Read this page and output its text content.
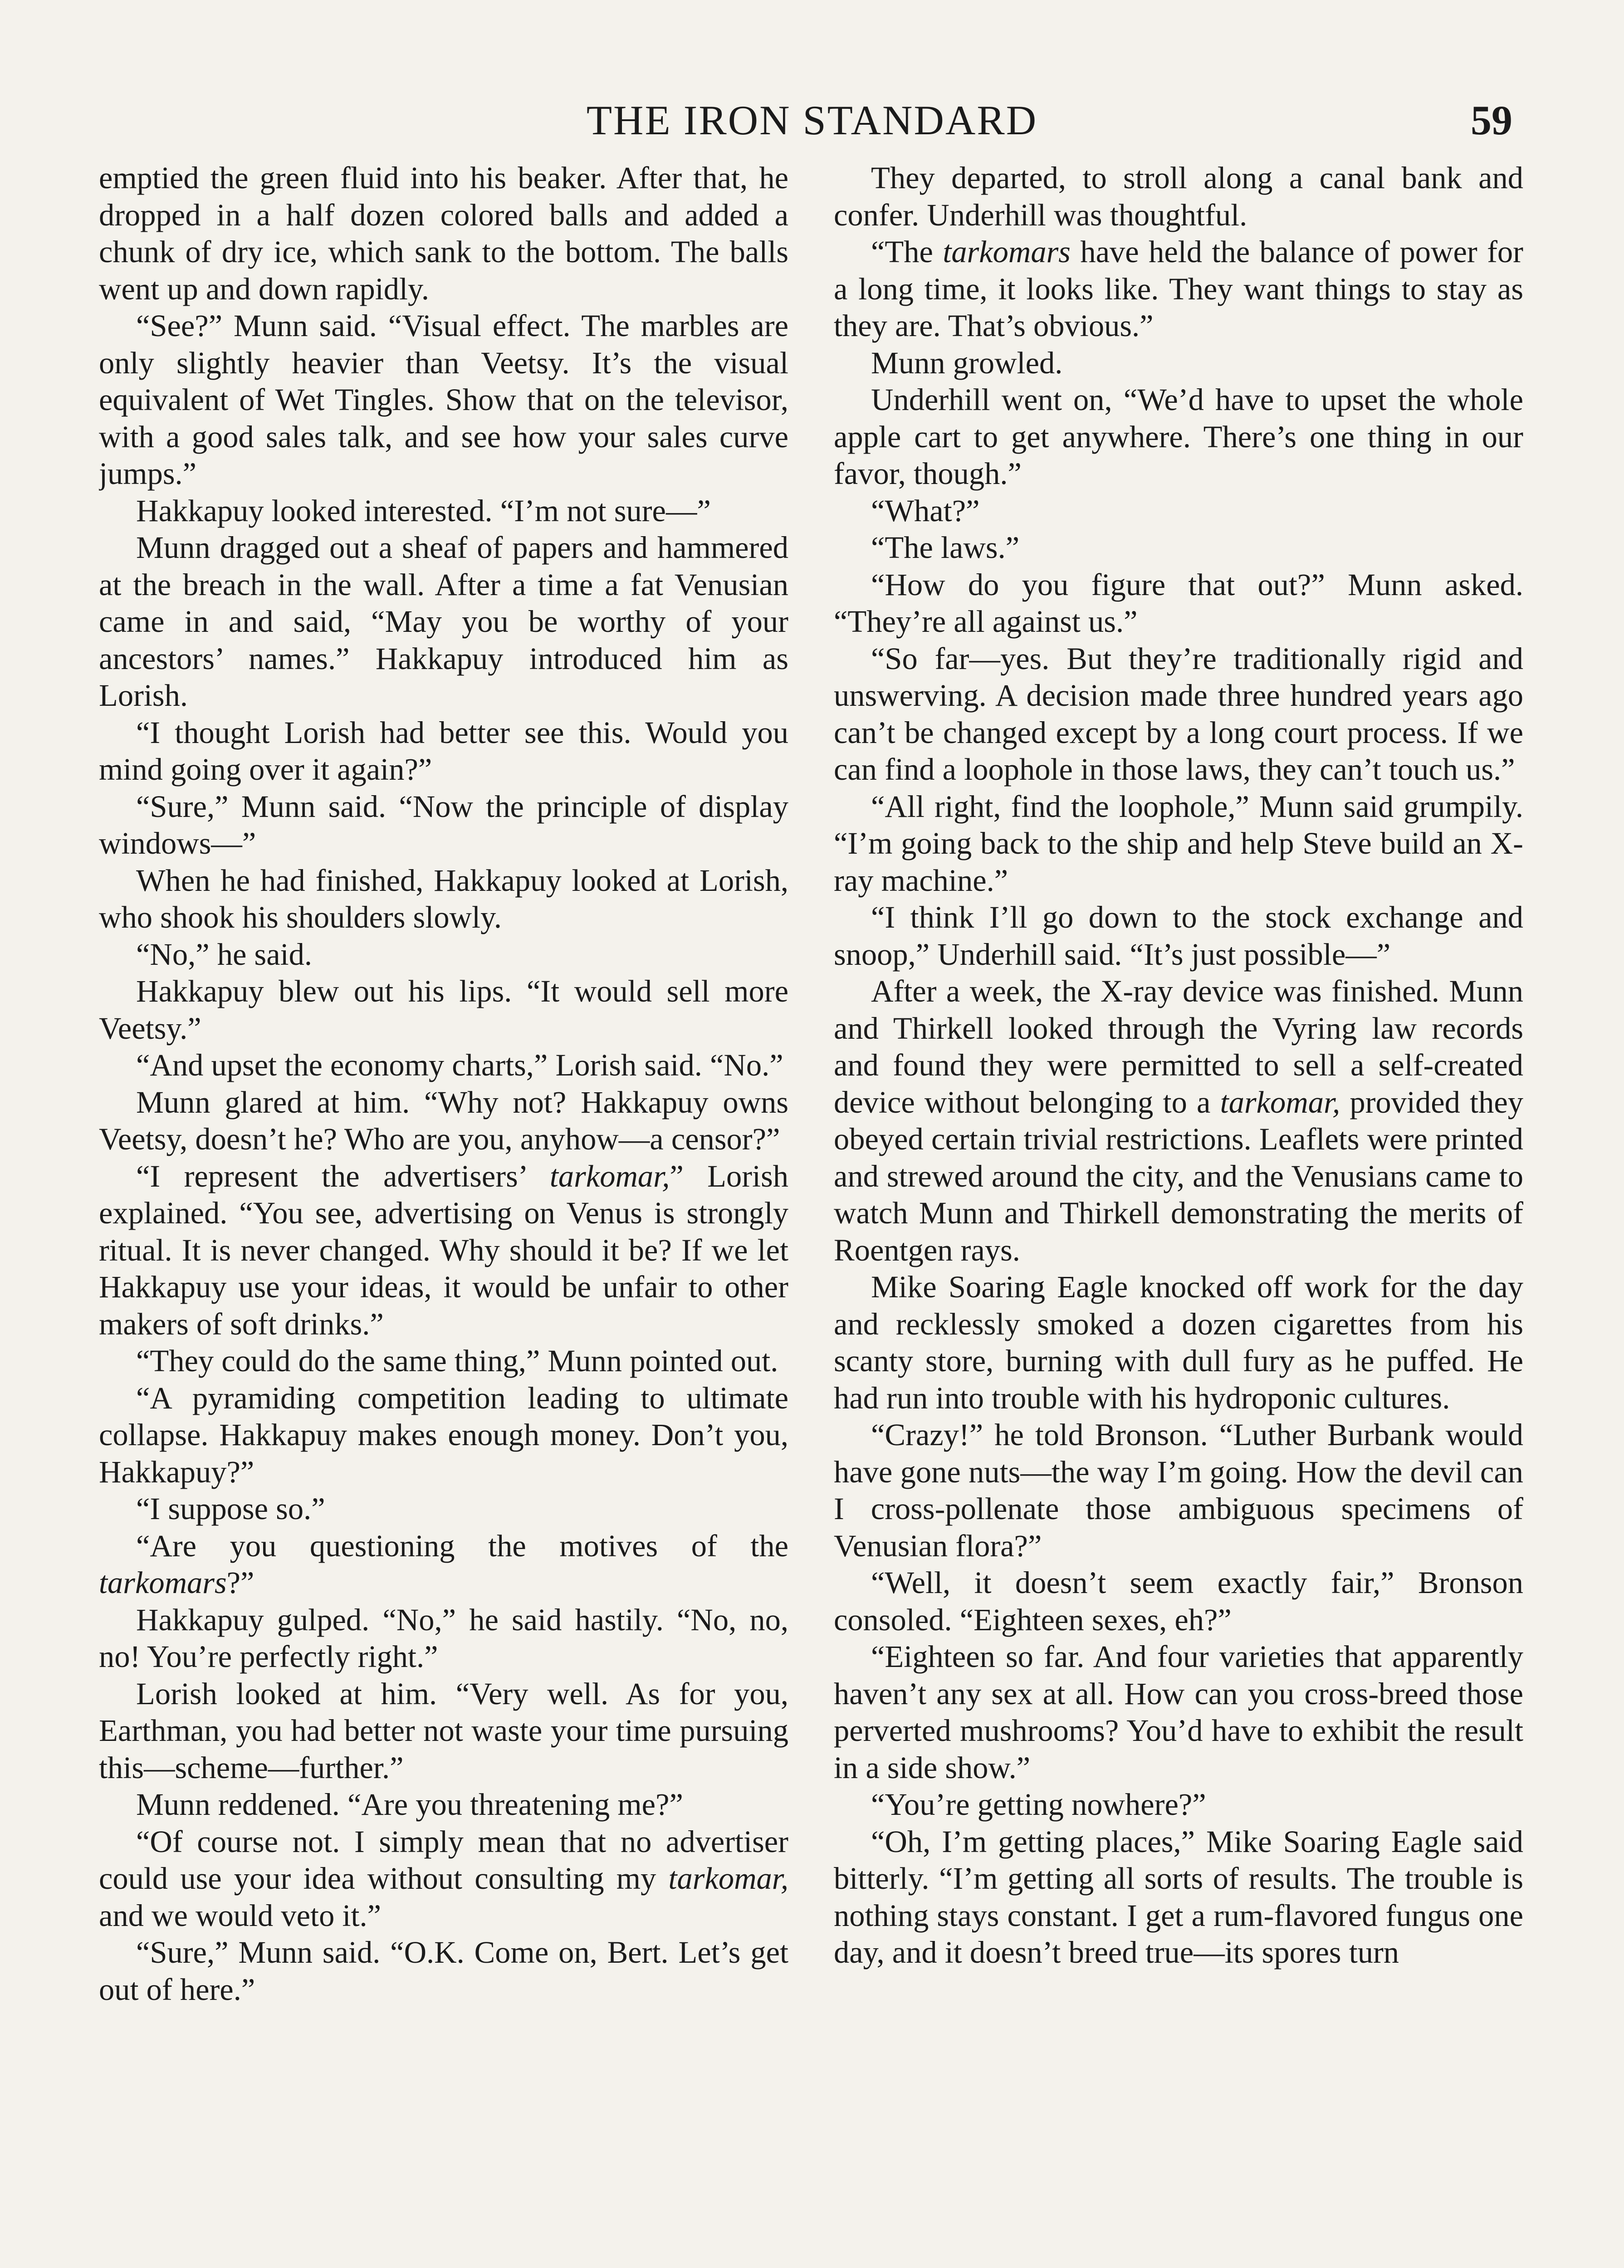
THE IRON STANDARD	59

emptied the green fluid into his beaker. After that, he dropped in a half dozen colored balls and added a chunk of dry ice, which sank to the bottom. The balls went up and down rapidly.

“See?” Munn said. “Visual effect. The marbles are only slightly heavier than Veetsy. It’s the visual equivalent of Wet Tingles. Show that on the televisor, with a good sales talk, and see how your sales curve jumps.”

Hakkapuy looked interested. “I’m not sure—”

Munn dragged out a sheaf of papers and hammered at the breach in the wall. After a time a fat Venusian came in and said, “May you be worthy of your ancestors’ names.” Hakkapuy introduced him as Lorish.

“I thought Lorish had better see this. Would you mind going over it again?”

“Sure,” Munn said. “Now the principle of display windows—”

When he had finished, Hakkapuy looked at Lorish, who shook his shoulders slowly.

“No,” he said.

Hakkapuy blew out his lips. “It would sell more Veetsy.”

“And upset the economy charts,” Lorish said. “No.”

Munn glared at him. “Why not? Hakkapuy owns Veetsy, doesn’t he? Who are you, anyhow—a censor?”

“I represent the advertisers’ tarkomar,” Lorish explained. “You see, advertising on Venus is strongly ritual. It is never changed. Why should it be? If we let Hakkapuy use your ideas, it would be unfair to other makers of soft drinks.”

“They could do the same thing,” Munn pointed out.

“A pyramiding competition leading to ultimate collapse. Hakkapuy makes enough money. Don’t you, Hakkapuy?”

“I suppose so.”

“Are you questioning the motives of the tarkomars?”

Hakkapuy gulped. “No,” he said hastily. “No, no, no! You’re perfectly right.”

Lorish looked at him. “Very well. As for you, Earthman, you had better not waste your time pursuing this—scheme—further.”

Munn reddened. “Are you threatening me?”

“Of course not. I simply mean that no advertiser could use your idea without consulting my tarkomar, and we would veto it.”

“Sure,” Munn said. “O.K. Come on, Bert. Let’s get out of here.”

They departed, to stroll along a canal bank and confer. Underhill was thoughtful.

“The tarkomars have held the balance of power for a long time, it looks like. They want things to stay as they are. That’s obvious.”

Munn growled.

Underhill went on, “We’d have to upset the whole apple cart to get anywhere. There’s one thing in our favor, though.”

“What?”

“The laws.”

“How do you figure that out?” Munn asked. “They’re all against us.”

“So far—yes. But they’re traditionally rigid and unswerving. A decision made three hundred years ago can’t be changed except by a long court process. If we can find a loophole in those laws, they can’t touch us.”

“All right, find the loophole,” Munn said grumpily. “I’m going back to the ship and help Steve build an X-ray machine.”

“I think I’ll go down to the stock exchange and snoop,” Underhill said. “It’s just possible—”

After a week, the X-ray device was finished. Munn and Thirkell looked through the Vyring law records and found they were permitted to sell a self-created device without belonging to a tarkomar, provided they obeyed certain trivial restrictions. Leaflets were printed and strewed around the city, and the Venusians came to watch Munn and Thirkell demonstrating the merits of Roentgen rays.

Mike Soaring Eagle knocked off work for the day and recklessly smoked a dozen cigarettes from his scanty store, burning with dull fury as he puffed. He had run into trouble with his hydroponic cultures.

“Crazy!” he told Bronson. “Luther Burbank would have gone nuts—the way I’m going. How the devil can I cross-pollenate those ambiguous specimens of Venusian flora?”

“Well, it doesn’t seem exactly fair,” Bronson consoled. “Eighteen sexes, eh?”

“Eighteen so far. And four varieties that apparently haven’t any sex at all. How can you cross-breed those perverted mushrooms? You’d have to exhibit the result in a side show.”

“You’re getting nowhere?”

“Oh, I’m getting places,” Mike Soaring Eagle said bitterly. “I’m getting all sorts of results. The trouble is nothing stays constant. I get a rum-flavored fungus one day, and it doesn’t breed true—its spores turn
